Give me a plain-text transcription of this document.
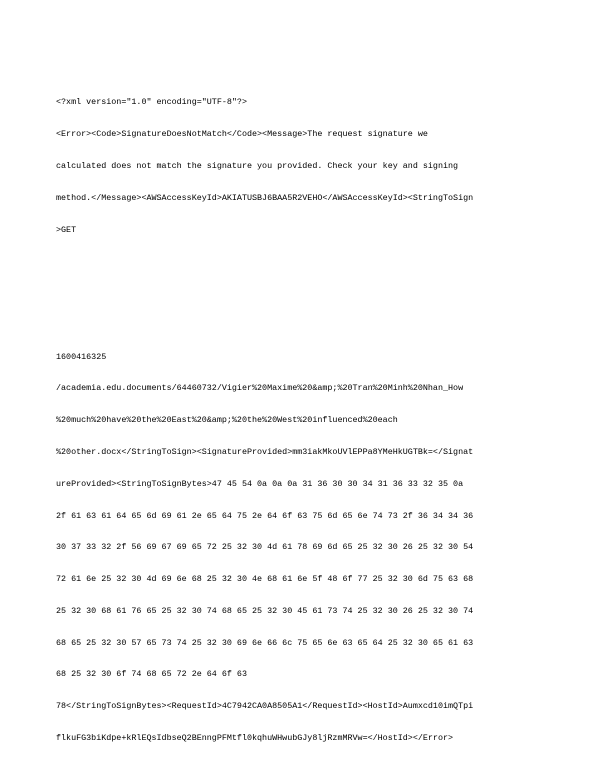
<?xml version="1.0" encoding="UTF-8"?>

<Error><Code>SignatureDoesNotMatch</Code><Message>The request signature we

calculated does not match the signature you provided. Check your key and signing

method.</Message><AWSAccessKeyId>AKIATUSBJ6BAA5R2VEHO</AWSAccessKeyId><StringToSign

>GET

1600416325

/academia.edu.documents/64460732/Vigier%20Maxime%20&amp;%20Tran%20Minh%20Nhan_How

%20much%20have%20the%20East%20&amp;%20the%20West%20influenced%20each

%20other.docx</StringToSign><SignatureProvided>mm3iakMkoUVlEPPa8YMeHkUGTBk=</Signat

ureProvided><StringToSignBytes>47 45 54 0a 0a 0a 31 36 30 30 34 31 36 33 32 35 0a

2f 61 63 61 64 65 6d 69 61 2e 65 64 75 2e 64 6f 63 75 6d 65 6e 74 73 2f 36 34 34 36

30 37 33 32 2f 56 69 67 69 65 72 25 32 30 4d 61 78 69 6d 65 25 32 30 26 25 32 30 54

72 61 6e 25 32 30 4d 69 6e 68 25 32 30 4e 68 61 6e 5f 48 6f 77 25 32 30 6d 75 63 68

25 32 30 68 61 76 65 25 32 30 74 68 65 25 32 30 45 61 73 74 25 32 30 26 25 32 30 74

68 65 25 32 30 57 65 73 74 25 32 30 69 6e 66 6c 75 65 6e 63 65 64 25 32 30 65 61 63

68 25 32 30 6f 74 68 65 72 2e 64 6f 63

78</StringToSignBytes><RequestId>4C7942CA0A8505A1</RequestId><HostId>Aumxcd10imQTpi

flkuFG3biKdpe+kRlEQsIdbseQ2BEnngPFMtfl0kqhuWHwubGJy8ljRzmMRVw=</HostId></Error>
